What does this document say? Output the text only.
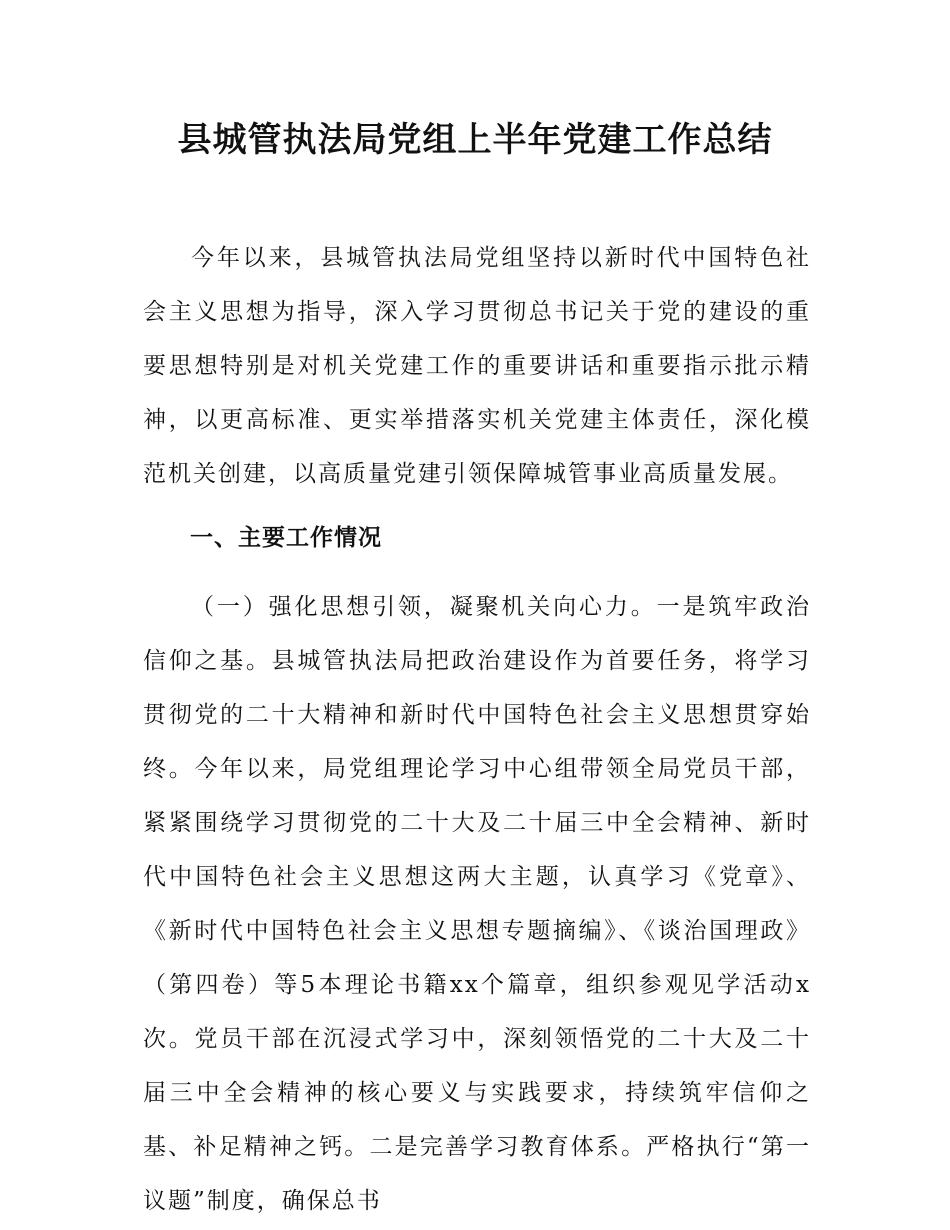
县城管执法局党组上半年党建工作总结

今年以来，县城管执法局党组坚持以新时代中国特色社会主义思想为指导，深入学习贯彻总书记关于党的建设的重要思想特别是对机关党建工作的重要讲话和重要指示批示精神，以更高标准、更实举措落实机关党建主体责任，深化模范机关创建，以高质量党建引领保障城管事业高质量发展。

一、主要工作情况

（一）强化思想引领，凝聚机关向心力。一是筑牢政治信仰之基。县城管执法局把政治建设作为首要任务，将学习贯彻党的二十大精神和新时代中国特色社会主义思想贯穿始终。今年以来，局党组理论学习中心组带领全局党员干部，紧紧围绕学习贯彻党的二十大及二十届三中全会精神、新时代中国特色社会主义思想这两大主题，认真学习《党章》、《新时代中国特色社会主义思想专题摘编》、《谈治国理政》（第四卷）等5本理论书籍xx个篇章，组织参观见学活动x次。党员干部在沉浸式学习中，深刻领悟党的二十大及二十届三中全会精神的核心要义与实践要求，持续筑牢信仰之基、补足精神之钙。二是完善学习教育体系。严格执行“第一议题”制度，确保总书
